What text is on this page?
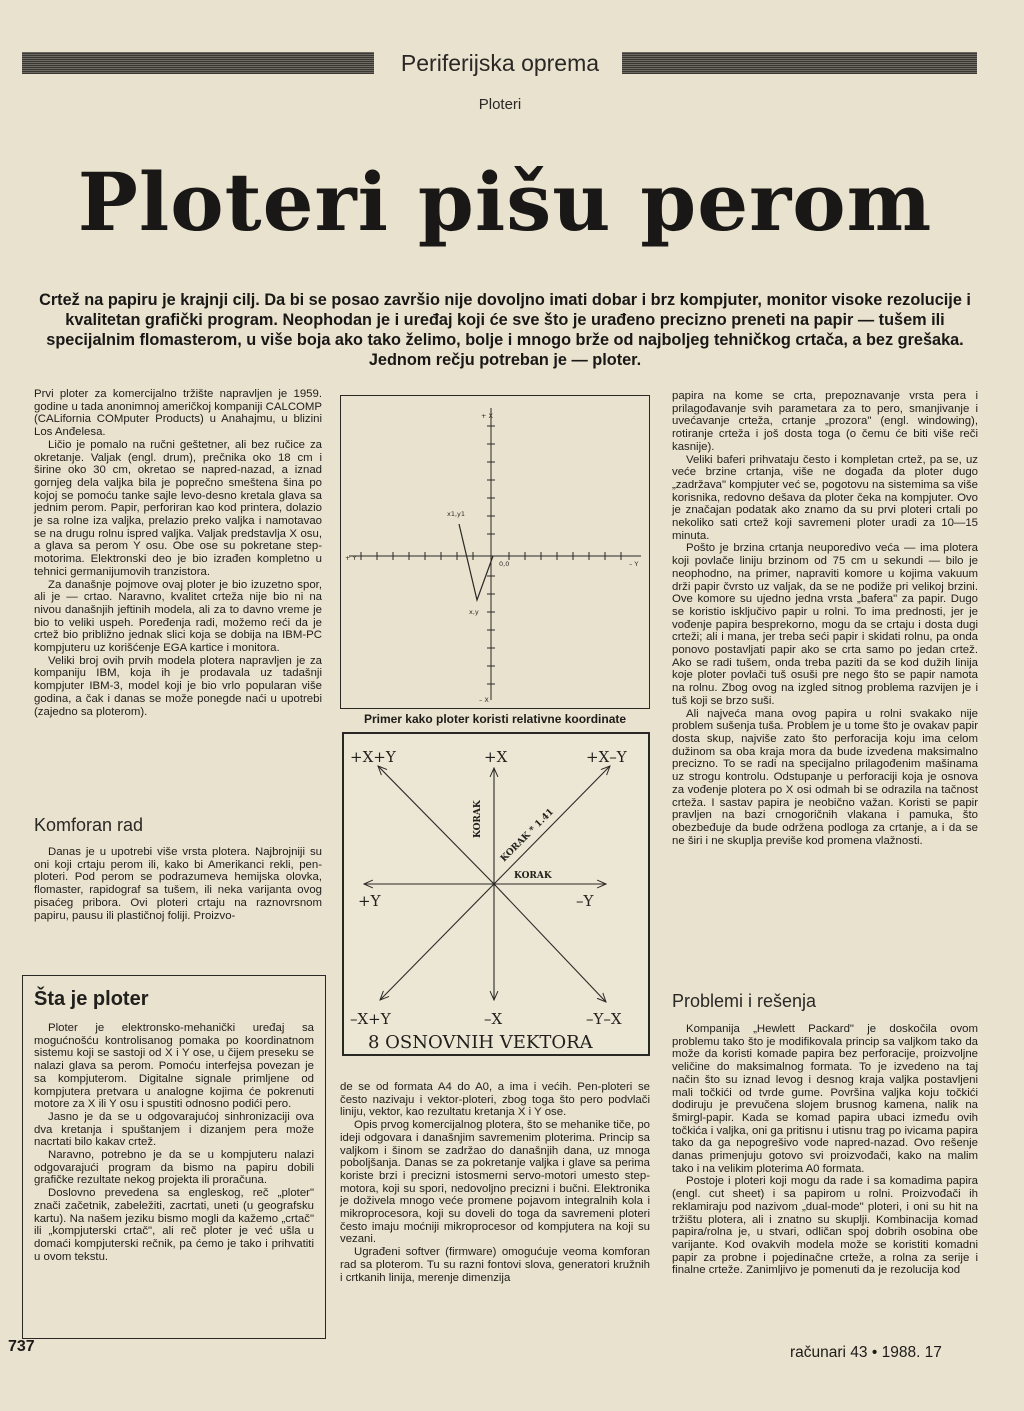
Periferijska oprema
Ploteri
Ploteri pišu perom
Crtež na papiru je krajnji cilj. Da bi se posao završio nije dovoljno imati dobar i brz kompjuter, monitor visoke rezolucije i kvalitetan grafički program. Neophodan je i uređaj koji će sve što je urađeno precizno preneti na papir — tušem ili specijalnim flomasterom, u više boja ako tako želimo, bolje i mnogo brže od najboljeg tehničkog crtača, a bez grešaka. Jednom rečju potreban je — ploter.

Prvi ploter za komercijalno tržište napravljen je 1959. godine u tada anonimnoj američkoj kompaniji CALCOMP (CALifornia COMputer Products) u Anahajmu, u blizini Los Anđelesa.

Ličio je pomalo na ručni geštetner, ali bez ručice za okretanje. Valjak (engl. drum), prečnika oko 18 cm i širine oko 30 cm, okretao se napred-nazad, a iznad gornjeg dela valjka bila je poprečno smeštena šina po kojoj se pomoću tanke sajle levo-desno kretala glava sa jednim perom. Papir, perforiran kao kod printera, dolazio je sa rolne iza valjka, prelazio preko valjka i namotavao se na drugu rolnu ispred valjka. Valjak predstavlja X osu, a glava sa perom Y osu. Obe ose su pokretane step-motorima. Elektronski deo je bio izrađen kompletno u tehnici germanijumovih tranzistora.

Za današnje pojmove ovaj ploter je bio izuzetno spor, ali je — crtao. Naravno, kvalitet crteža nije bio ni na nivou današnjih jeftinih modela, ali za to davno vreme je bio to veliki uspeh. Poređenja radi, možemo reći da je crtež bio približno jednak slici koja se dobija na IBM-PC kompjuteru uz korišćenje EGA kartice i monitora.

Veliki broj ovih prvih modela plotera napravljen je za kompaniju IBM, koja ih je prodavala uz tadašnji kompjuter IBM-3, model koji je bio vrlo popularan više godina, a čak i danas se može ponegde naći u upotrebi (zajedno sa ploterom).

Komforan rad

Danas je u upotrebi više vrsta plotera. Najbrojniji su oni koji crtaju perom ili, kako bi Amerikanci rekli, pen-ploteri. Pod perom se podrazumeva hemijska olovka, flomaster, rapidograf sa tušem, ili neka varijanta ovog pisaćeg pribora. Ovi ploteri crtaju na raznovrsnom papiru, pausu ili plastičnoj foliji. Proizvo-

Šta je ploter

Ploter je elektronsko-mehanički uređaj sa mogućnošću kontrolisanog pomaka po koordinatnom sistemu koji se sastoji od X i Y ose, u čijem preseku se nalazi glava sa perom. Pomoću interfejsa povezan je sa kompjuterom. Digitalne signale primljene od kompjutera pretvara u analogne kojima će pokrenuti motore za X ili Y osu i spustiti odnosno podići pero.

Jasno je da se u odgovarajućoj sinhronizaciji ova dva kretanja i spuštanjem i dizanjem pera može nacrtati bilo kakav crtež.

Naravno, potrebno je da se u kompjuteru nalazi odgovarajući program da bismo na papiru dobili grafičke rezultate nekog projekta ili proračuna.

Doslovno prevedena sa engleskog, reč „ploter" znači začetnik, zabeležiti, zacrtati, uneti (u geografsku kartu). Na našem jeziku bismo mogli da kažemo „crtač" ili „kompjuterski crtač", ali reč ploter je već ušla u domaći kompjuterski rečnik, pa ćemo je tako i prihvatiti u ovom tekstu.

+ X
– X
+ Y
– Y
0,0
x1,y1
x,y
Primer kako ploter koristi relativne koordinate
+X+Y	+X	+X–Y
+Y	–Y
–X+Y	–X	–Y–X
8 OSNOVNIH VEKTORA
KORAK
KORAK
KORAK * 1.41

de se od formata A4 do A0, a ima i većih. Pen-ploteri se često nazivaju i vektor-ploteri, zbog toga što pero podvlači liniju, vektor, kao rezultatu kretanja X i Y ose.

Opis prvog komercijalnog plotera, što se mehanike tiče, po ideji odgovara i današnjim savremenim ploterima. Princip sa valjkom i šinom se zadržao do današnjih dana, uz mnoga poboljšanja. Danas se za pokretanje valjka i glave sa perima koriste brzi i precizni istosmerni servo-motori umesto step-motora, koji su spori, nedovoljno precizni i bučni. Elektronika je doživela mnogo veće promene pojavom integralnih kola i mikroprocesora, koji su doveli do toga da savremeni ploteri često imaju moćniji mikroprocesor od kompjutera na koji su vezani.

Ugrađeni softver (firmware) omogućuje veoma komforan rad sa ploterom. Tu su razni fontovi slova, generatori kružnih i crtkanih linija, merenje dimenzija

papira na kome se crta, prepoznavanje vrsta pera i prilagođavanje svih parametara za to pero, smanjivanje i uvećavanje crteža, crtanje „prozora" (engl. windowing), rotiranje crteža i još dosta toga (o čemu će biti više reči kasnije).

Veliki baferi prihvataju često i kompletan crtež, pa se, uz veće brzine crtanja, više ne događa da ploter dugo „zadržava" kompjuter već se, pogotovu na sistemima sa više korisnika, redovno dešava da ploter čeka na kompjuter. Ovo je značajan podatak ako znamo da su prvi ploteri crtali po nekoliko sati crtež koji savremeni ploter uradi za 10—15 minuta.

Pošto je brzina crtanja neuporedivo veća — ima plotera koji povlače liniju brzinom od 75 cm u sekundi — bilo je neophodno, na primer, napraviti komore u kojima vakuum drži papir čvrsto uz valjak, da se ne podiže pri velikoj brzini. Ove komore su ujedno jedna vrsta „bafera" za papir. Dugo se koristio isključivo papir u rolni. To ima prednosti, jer je vođenje papira besprekorno, mogu da se crtaju i dosta dugi crteži; ali i mana, jer treba seći papir i skidati rolnu, pa onda ponovo postavljati papir ako se crta samo po jedan crtež. Ako se radi tušem, onda treba paziti da se kod dužih linija koje ploter povlači tuš osuši pre nego što se papir namota na rolnu. Zbog ovog na izgled sitnog problema razvijen je i tuš koji se brzo suši.

Ali najveća mana ovog papira u rolni svakako nije problem sušenja tuša. Problem je u tome što je ovakav papir dosta skup, najviše zato što perforacija koju ima celom dužinom sa oba kraja mora da bude izvedena maksimalno precizno. To se radi na specijalno prilagođenim mašinama uz strogu kontrolu. Odstupanje u perforaciji koja je osnova za vođenje plotera po X osi odmah bi se odrazila na tačnost crteža. I sastav papira je neobično važan. Koristi se papir pravljen na bazi crnogoričnih vlakana i pamuka, što obezbeđuje da bude održena podloga za crtanje, a i da se ne širi i ne skuplja previše kod promena vlažnosti.

Problemi i rešenja

Kompanija „Hewlett Packard" je doskočila ovom problemu tako što je modifikovala princip sa valjkom tako da može da koristi komade papira bez perforacije, proizvoljne veličine do maksimalnog formata. To je izvedeno na taj način što su iznad levog i desnog kraja valjka postavljeni mali točkići od tvrde gume. Površina valjka koju točkići dodiruju je prevučena slojem brusnog kamena, nalik na šmirgl-papir. Kada se komad papira ubaci između ovih točkića i valjka, oni ga pritisnu i utisnu trag po ivicama papira tako da ga nepogrešivo vode napred-nazad. Ovo rešenje danas primenjuju gotovo svi proizvođači, kako na malim tako i na velikim ploterima A0 formata.

Postoje i ploteri koji mogu da rade i sa komadima papira (engl. cut sheet) i sa papirom u rolni. Proizvođači ih reklamiraju pod nazivom „dual-mode" ploteri, i oni su hit na tržištu plotera, ali i znatno su skuplji. Kombinacija komad papira/rolna je, u stvari, odličan spoj dobrih osobina obe varijante. Kod ovakvih modela može se koristiti komadni papir za probne i pojedinačne crteže, a rolna za serije i finalne crteže. Zanimljivo je pomenuti da je rezolucija kod

737	računari 43 • 1988. 17
